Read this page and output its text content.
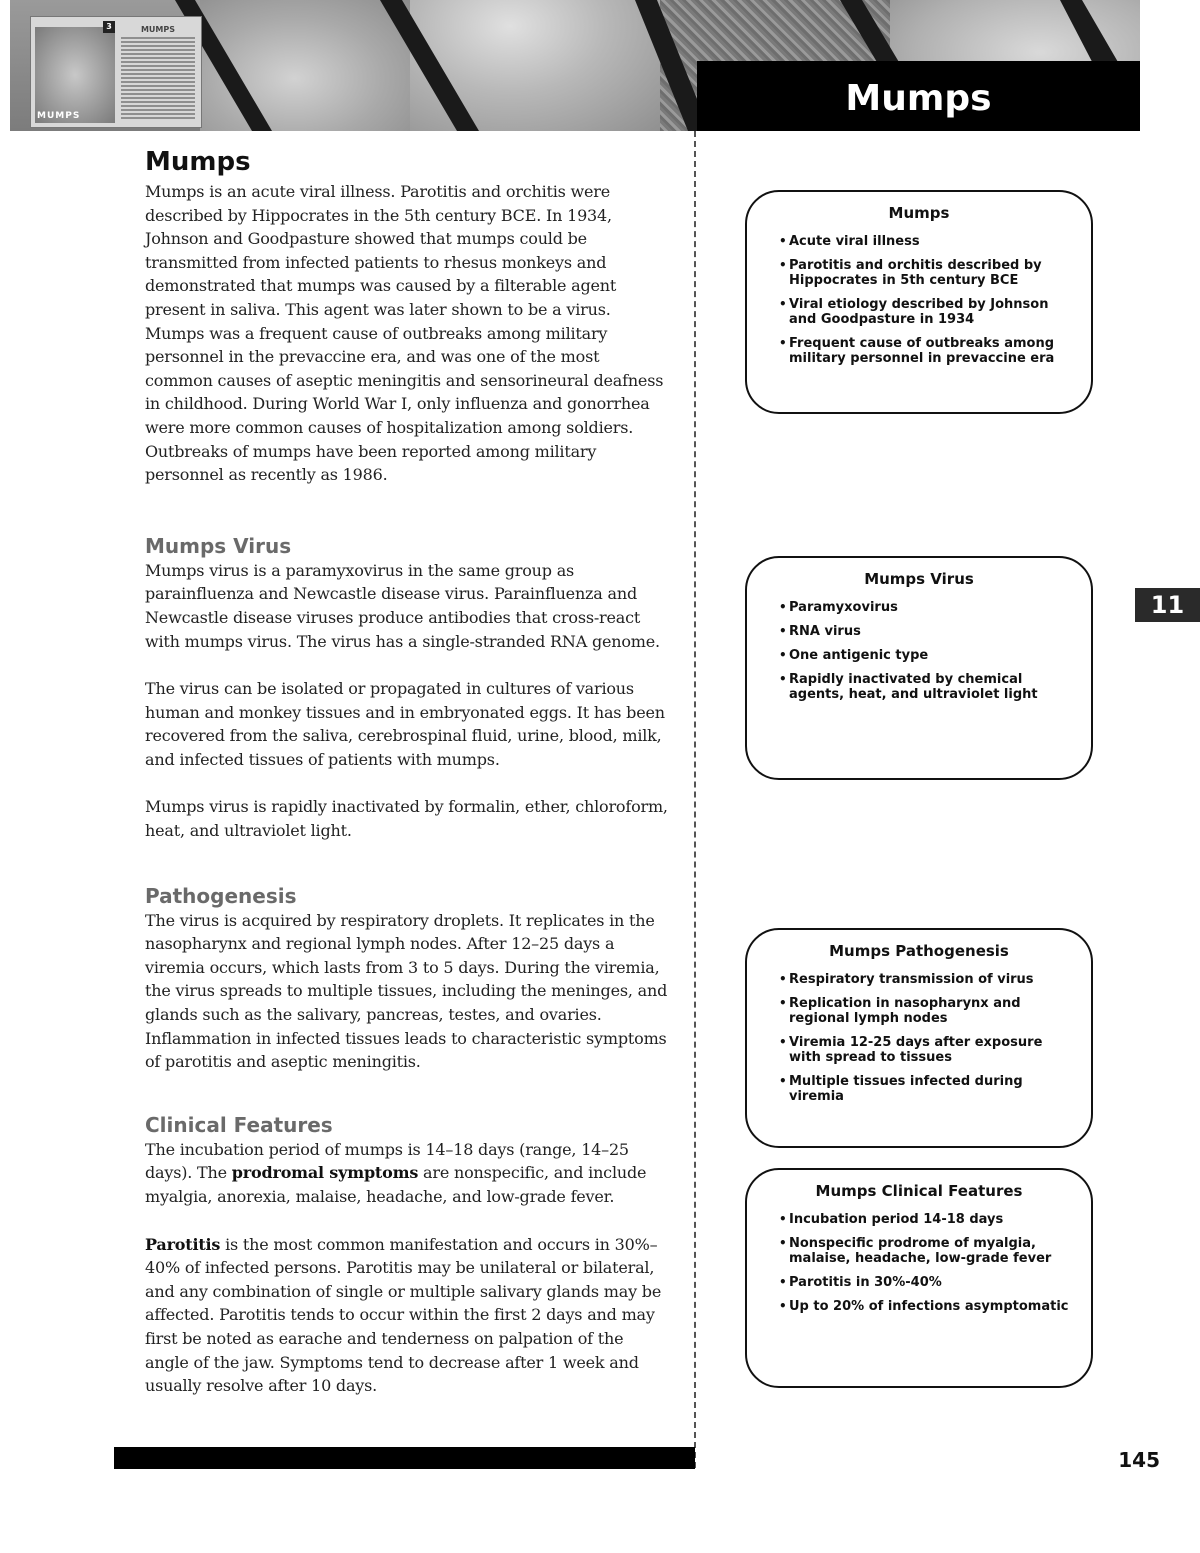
3
MUMPS
MUMPS
Mumps
Mumps

Mumps is an acute viral illness. Parotitis and orchitis were described by Hippocrates in the 5th century BCE. In 1934, Johnson and Goodpasture showed that mumps could be transmitted from infected patients to rhesus monkeys and demonstrated that mumps was caused by a filterable agent present in saliva. This agent was later shown to be a virus. Mumps was a frequent cause of outbreaks among military personnel in the prevaccine era, and was one of the most common causes of aseptic meningitis and sensorineural deafness in childhood. During World War I, only influenza and gonorrhea were more common causes of hospitalization among soldiers. Outbreaks of mumps have been reported among military personnel as recently as 1986.

Mumps Virus

Mumps virus is a paramyxovirus in the same group as parainfluenza and Newcastle disease virus. Parainfluenza and Newcastle disease viruses produce antibodies that cross-react with mumps virus. The virus has a single-stranded RNA genome.

The virus can be isolated or propagated in cultures of various human and monkey tissues and in embryonated eggs. It has been recovered from the saliva, cerebrospinal fluid, urine, blood, milk, and infected tissues of patients with mumps.

Mumps virus is rapidly inactivated by formalin, ether, chloroform, heat, and ultraviolet light.

Pathogenesis

The virus is acquired by respiratory droplets. It replicates in the nasopharynx and regional lymph nodes. After 12–25 days a viremia occurs, which lasts from 3 to 5 days. During the viremia, the virus spreads to multiple tissues, including the meninges, and glands such as the salivary, pancreas, testes, and ovaries. Inflammation in infected tissues leads to characteristic symptoms of parotitis and aseptic meningitis.

Clinical Features

The incubation period of mumps is 14–18 days (range, 14–25 days). The prodromal symptoms are nonspecific, and include myalgia, anorexia, malaise, headache, and low-grade fever.

Parotitis is the most common manifestation and occurs in 30%–40% of infected persons. Parotitis may be unilateral or bilateral, and any combination of single or multiple salivary glands may be affected. Parotitis tends to occur within the first 2 days and may first be noted as earache and tenderness on palpation of the angle of the jaw. Symptoms tend to decrease after 1 week and usually resolve after 10 days.

Mumps
• Acute viral illness
• Parotitis and orchitis described by Hippocrates in 5th century BCE
• Viral etiology described by Johnson and Goodpasture in 1934
• Frequent cause of outbreaks among military personnel in prevaccine era
Mumps Virus
• Paramyxovirus
• RNA virus
• One antigenic type
• Rapidly inactivated by chemical agents, heat, and ultraviolet light
Mumps Pathogenesis
• Respiratory transmission of virus
• Replication in nasopharynx and regional lymph nodes
• Viremia 12-25 days after exposure with spread to tissues
• Multiple tissues infected during viremia
Mumps Clinical Features
• Incubation period 14-18 days
• Nonspecific prodrome of myalgia, malaise, headache, low-grade fever
• Parotitis in 30%-40%
• Up to 20% of infections asymptomatic
11
145
